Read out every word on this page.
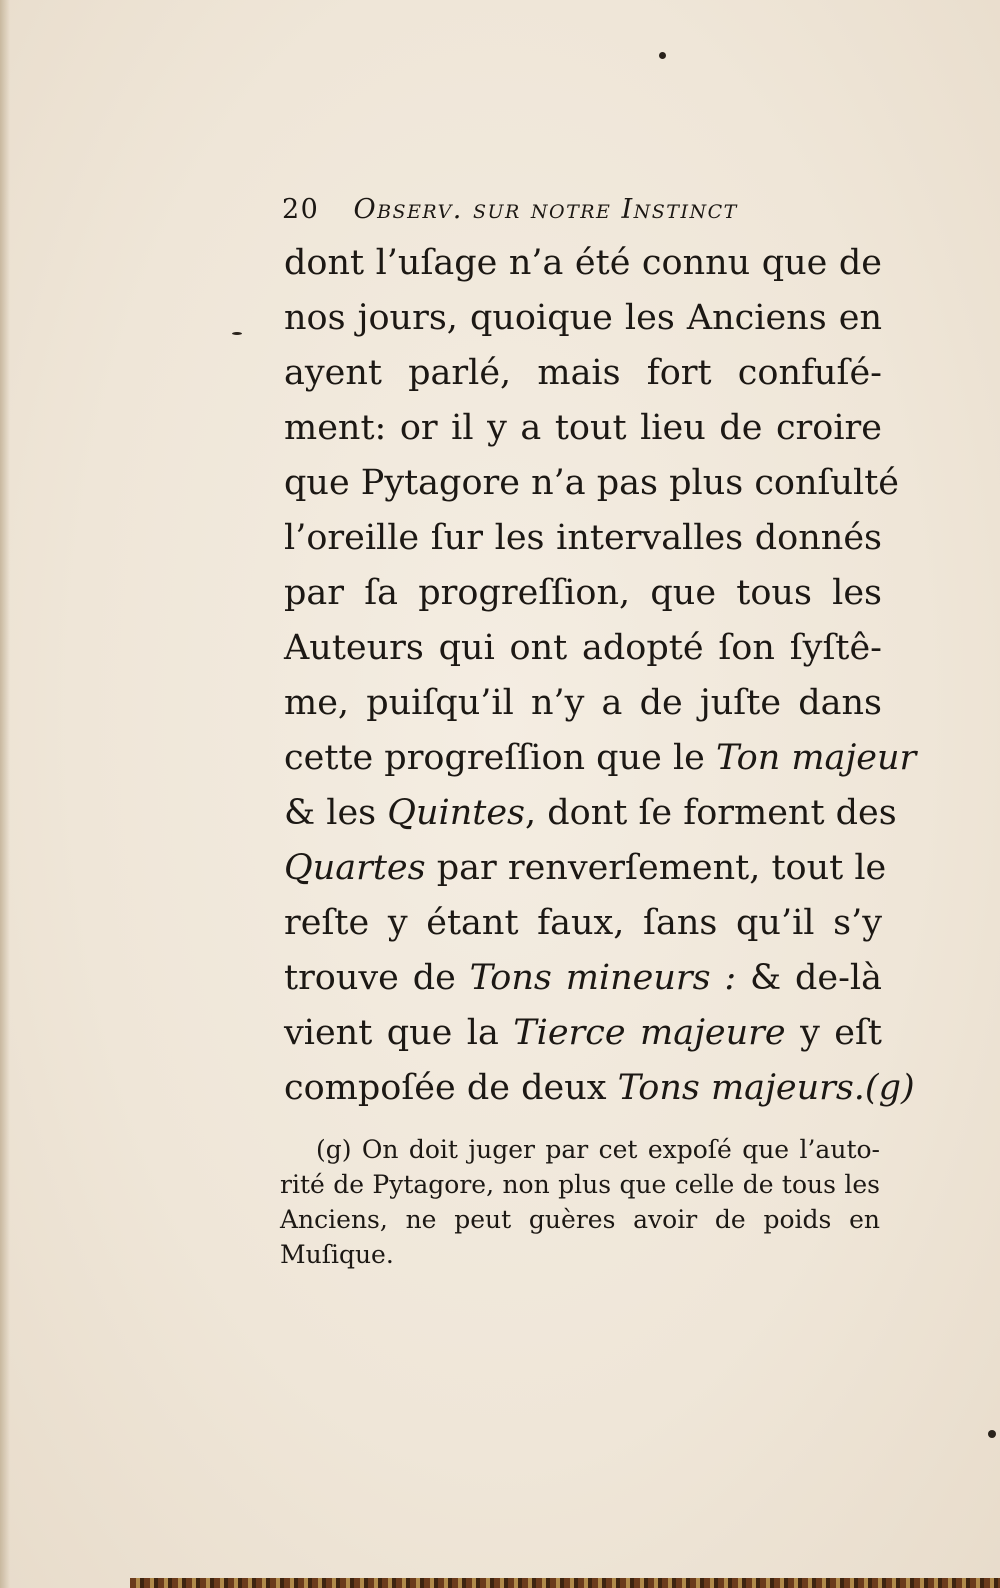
20 Observ. sur notre Instinct
dont l’uſage n’a été connu que de
nos jours, quoique les Anciens en
ayent parlé, mais fort confuſé-
ment: or il y a tout lieu de croire
que Pytagore n’a pas plus conſulté
l’oreille ſur les intervalles donnés
par ſa progreſſion, que tous les
Auteurs qui ont adopté ſon ſyſtê-
me, puiſqu’il n’y a de juſte dans
cette progreſſion que le Ton majeur
& les Quintes, dont ſe forment des
Quartes par renverſement, tout le
reſte y étant faux, ſans qu’il s’y
trouve de Tons mineurs : & de-là
vient que la Tierce majeure y eſt
compoſée de deux Tons majeurs.(g)
(g) On doit juger par cet expoſé que l’auto-
rité de Pytagore, non plus que celle de tous les
Anciens, ne peut guères avoir de poids en
Muſique.
